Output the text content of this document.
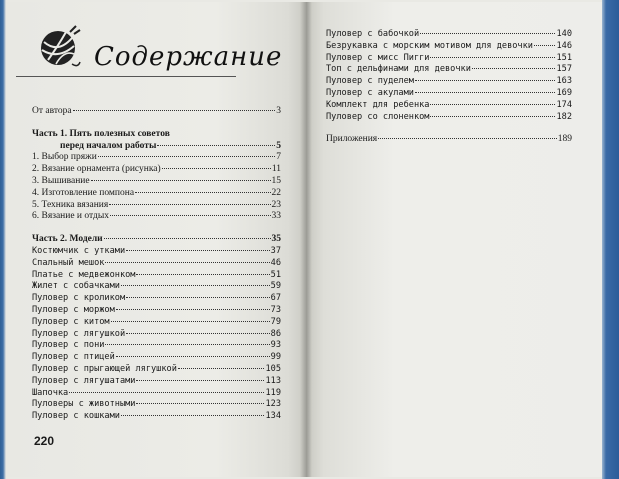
Содержание
От автора	3
Часть 1. Пять полезных советов
перед началом работы	5
1. Выбор пряжи	7
2. Вязание орнамента (рисунка)	11
3. Вышивание	15
4. Изготовление помпона	22
5. Техника вязания	23
6. Вязание и отдых	33
Часть 2. Модели	35
Костюмчик с утками	37
Спальный мешок	46
Платье с медвежонком	51
Жилет с собачками	59
Пуловер с кроликом	67
Пуловер с моржом	73
Пуловер с китом	79
Пуловер с лягушкой	86
Пуловер с пони	93
Пуловер с птицей	99
Пуловер с прыгающей лягушкой	105
Пуловер с лягушатами	113
Шапочка	119
Пуловеры с животными	123
Пуловер с кошками	134
220
Пуловер с бабочкой	140
Безрукавка с морским мотивом для девочки	146
Пуловер с мисс Пигги	151
Топ с дельфинами для девочки	157
Пуловер с пуделем	163
Пуловер с акулами	169
Комплект для ребенка	174
Пуловер со слоненком	182
Приложения	189
